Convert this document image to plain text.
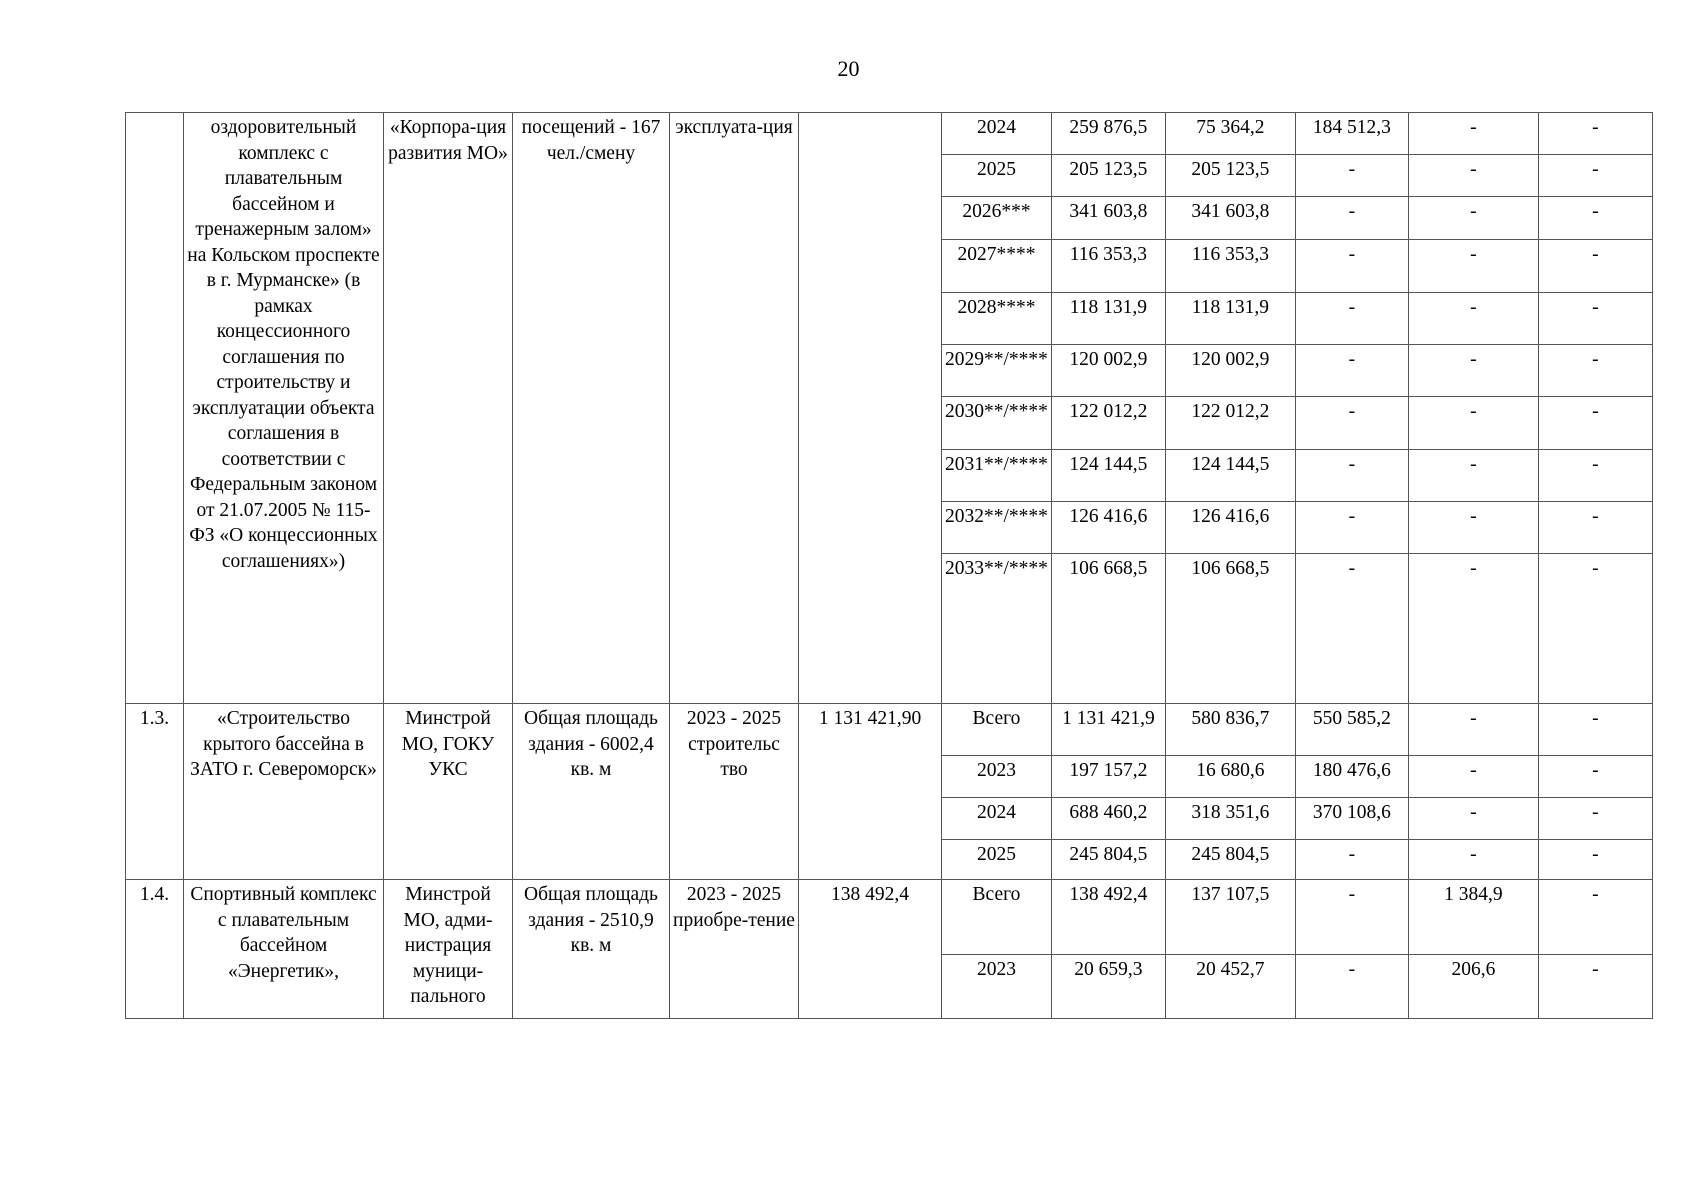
20
	оздоровительный комплекс с плавательным бассейном и тренажерным залом» на Кольском проспекте в г. Мурманске» (в рамках концессионного соглашения по строительству и эксплуатации объекта соглашения в соответствии с Федеральным законом от 21.07.2005 № 115-ФЗ «О концессионных соглашениях»)	«Корпора-ция развития МО»	посещений - 167 чел./смену	эксплуата-ция		2024	259 876,5	75 364,2	184 512,3	-	-
						2025	205 123,5	205 123,5	-	-	-
						2026***	341 603,8	341 603,8	-	-	-
						2027****	116 353,3	116 353,3	-	-	-
						2028****	118 131,9	118 131,9	-	-	-
						2029**/****	120 002,9	120 002,9	-	-	-
						2030**/****	122 012,2	122 012,2	-	-	-
						2031**/****	124 144,5	124 144,5	-	-	-
						2032**/****	126 416,6	126 416,6	-	-	-
						2033**/****	106 668,5	106 668,5	-	-	-
1.3.	«Строительство крытого бассейна в ЗАТО г. Североморск»	Минстрой МО, ГОКУ УКС	Общая площадь здания - 6002,4 кв. м	2023 - 2025 строительс тво	1 131 421,90	Всего	1 131 421,9	580 836,7	550 585,2	-	-
						2023	197 157,2	16 680,6	180 476,6	-	-
						2024	688 460,2	318 351,6	370 108,6	-	-
						2025	245 804,5	245 804,5	-	-	-
1.4.	Спортивный комплекс с плавательным бассейном «Энергетик»,	Минстрой МО, адми-нистрация муници-пального	Общая площадь здания - 2510,9 кв. м	2023 - 2025 приобре-тение	138 492,4	Всего	138 492,4	137 107,5	-	1 384,9	-
						2023	20 659,3	20 452,7	-	206,6	-
